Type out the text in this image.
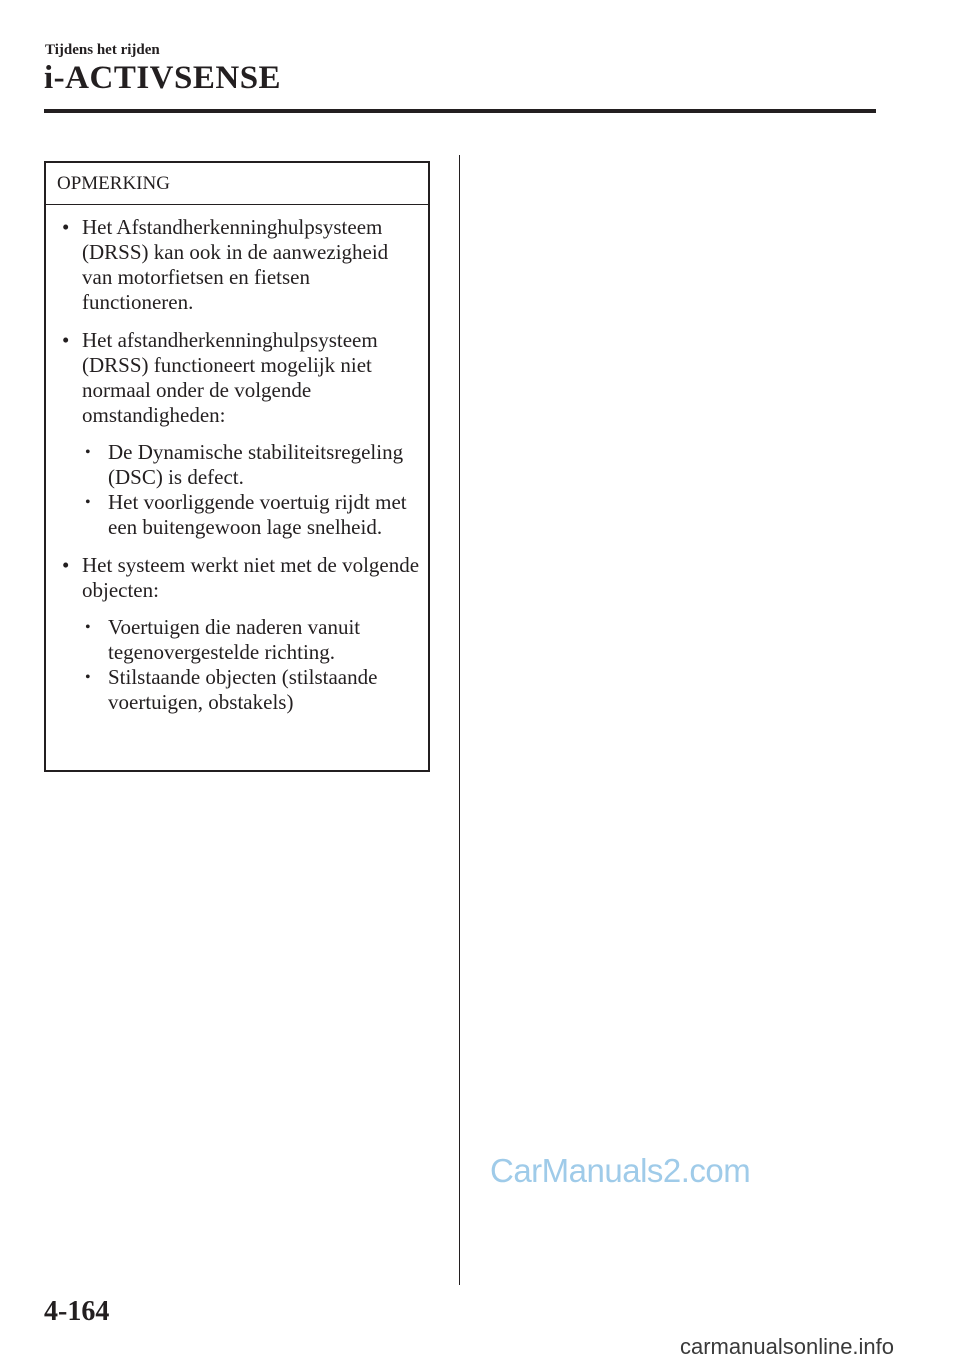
Tijdens het rijden
i-ACTIVSENSE
OPMERKING
• Het Afstandherkenninghulpsysteem (DRSS) kan ook in de aanwezigheid van motorfietsen en fietsen functioneren.
• Het afstandherkenninghulpsysteem (DRSS) functioneert mogelijk niet normaal onder de volgende omstandigheden:
• De Dynamische stabiliteitsregeling (DSC) is defect.
• Het voorliggende voertuig rijdt met een buitengewoon lage snelheid.
• Het systeem werkt niet met de volgende objecten:
• Voertuigen die naderen vanuit tegenovergestelde richting.
• Stilstaande objecten (stilstaande voertuigen, obstakels)
CarManuals2.com
4-164
carmanualsonline.info
